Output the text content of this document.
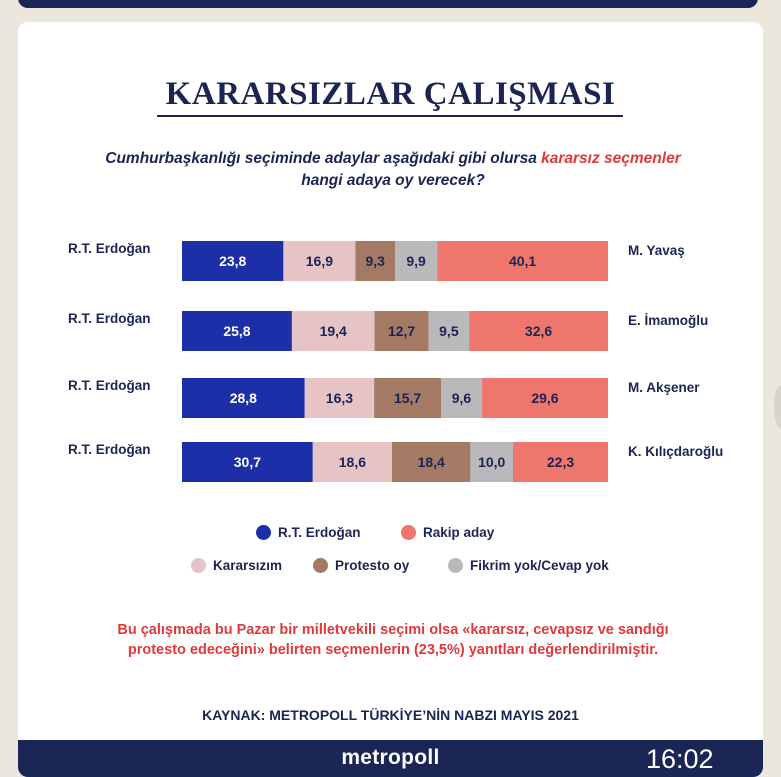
KARARSIZLAR ÇALIŞMASI
Cumhurbaşkanlığı seçiminde adaylar aşağıdaki gibi olursa kararsız seçmenler hangi adaya oy verecek?
R.T. Erdoğan	M. Yavaş
23,8	16,9 9,3 9,9	40,1
R.T. Erdoğan	E. İmamoğlu
25,8	19,4	12,7 9,5	32,6
R.T. Erdoğan	M. Akşener
28,8	16,3	15,7 9,6	29,6
R.T. Erdoğan	K. Kılıçdaroğlu
30,7	18,6	18,4 10,0	22,3
R.T. Erdoğan	Rakip aday
Kararsızım	Protesto oy	Fikrim yok/Cevap yok
Bu çalışmada bu Pazar bir milletvekili seçimi olsa «kararsız, cevapsız ve sandığı protesto edeceğini» belirten seçmenlerin (23,5%) yanıtları değerlendirilmiştir.
KAYNAK: METROPOLL TÜRKİYE’NİN NABZI MAYIS 2021
metropoll	16:02
